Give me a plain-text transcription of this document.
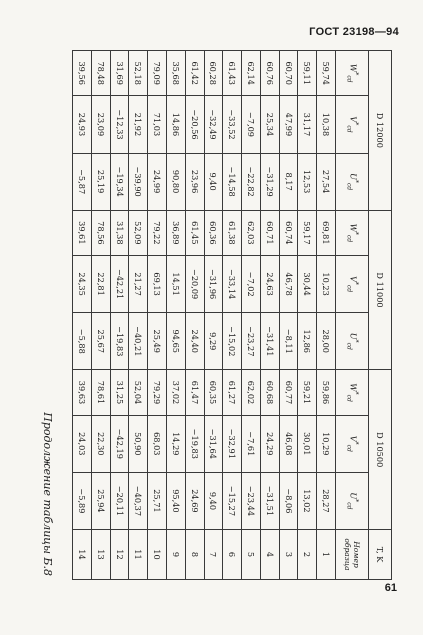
ГОСТ 23198—94
T, K	D 10500			D 11000			D 12000		
Номер образца	$U^*_{cd}$	$V^*_{cd}$	$W^*_{cd}$	$U^*_{cd}$	$V^*_{cd}$	$W^*_{cd}$	$U^*_{cd}$	$V^*_{cd}$	$W^*_{cd}$
1	28,27	10,29	59,86	28,00	10,23	69,81	27,54	10,38	59,74
2	13,02	30,01	59,21	12,86	30,44	59,17	12,53	31,17	59,11
3	−8,06	46,08	60,77	−8,11	46,78	60,74	8,17	47,99	60,70
4	−31,51	24,29	60,68	−31,41	24,63	60,71	−31,29	25,34	60,76
5	−23,44	−7,61	62,02	−23,27	−7,02	62,03	−22,82	−7,09	62,14
6	−15,27	−32,91	61,27	−15,02	−33,14	61,38	−14,58	−33,52	61,43
7	9,40	−31,64	60,35	9,29	−31,96	60,36	9,40	−32,49	60,28
8	24,69	−19,83	61,47	24,40	−20,09	61,45	23,96	−20,56	61,42
9	95,40	14,29	37,02	94,65	14,51	36,89	90,80	14,86	35,68
10	25,71	68,03	79,29	25,49	69,13	79,22	24,99	71,03	79,09
11	−40,37	50,90	52,04	−40,21	21,27	52,09	−39,90	21,92	52,18
12	−20,11	−42,19	31,25	−19,83	−42,21	31,38	−19,34	−12,33	31,69
13	25,94	22,30	78,61	25,67	22,81	78,56	25,19	23,09	78,48
14	−5,89	24,03	39,63	−5,88	24,35	39,61	−5,87	24,93	39,56
Продолжение таблицы Б.8
61
